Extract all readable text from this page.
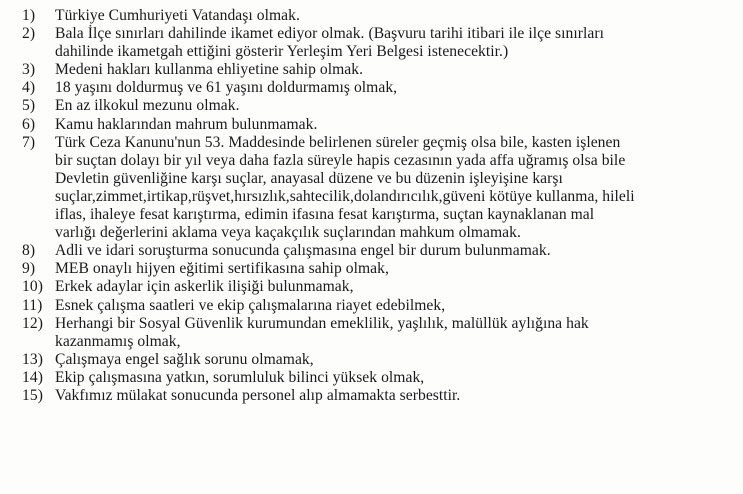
1)	Türkiye Cumhuriyeti Vatandaşı olmak.
2)	Bala İlçe sınırları dahilinde ikamet ediyor olmak. (Başvuru tarihi itibari ile ilçe sınırları
dahilinde ikametgah ettiğini gösterir Yerleşim Yeri Belgesi istenecektir.)
3)	Medeni hakları kullanma ehliyetine sahip olmak.
4)	18 yaşını doldurmuş ve 61 yaşını doldurmamış olmak,
5)	En az ilkokul mezunu olmak.
6)	Kamu haklarından mahrum bulunmamak.
7)	Türk Ceza Kanunu'nun 53. Maddesinde belirlenen süreler geçmiş olsa bile, kasten işlenen
bir suçtan dolayı bir yıl veya daha fazla süreyle hapis cezasının yada affa uğramış olsa bile
Devletin güvenliğine karşı suçlar, anayasal düzene ve bu düzenin işleyişine karşı
suçlar,zimmet,irtikap,rüşvet,hırsızlık,sahtecilik,dolandırıcılık,güveni kötüye kullanma, hileli
iflas, ihaleye fesat karıştırma, edimin ifasına fesat karıştırma, suçtan kaynaklanan mal
varlığı değerlerini aklama veya kaçakçılık suçlarından mahkum olmamak.
8)	Adli ve idari soruşturma sonucunda çalışmasına engel bir durum bulunmamak.
9)	MEB onaylı hijyen eğitimi sertifikasına sahip olmak,
10) Erkek adaylar için askerlik ilişiği bulunmamak,
11) Esnek çalışma saatleri ve ekip çalışmalarına riayet edebilmek,
12) Herhangi bir Sosyal Güvenlik kurumundan emeklilik, yaşlılık, malüllük aylığına hak
kazanmamış olmak,
13) Çalışmaya engel sağlık sorunu olmamak,
14) Ekip çalışmasına yatkın, sorumluluk bilinci yüksek olmak,
15) Vakfımız mülakat sonucunda personel alıp almamakta serbesttir.
